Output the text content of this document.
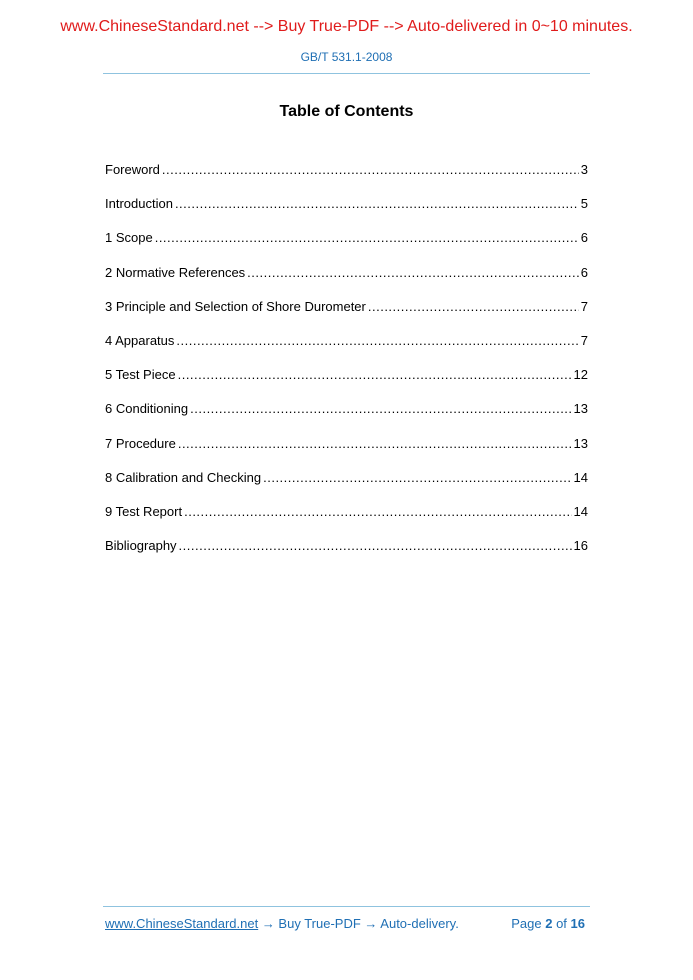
www.ChineseStandard.net --> Buy True-PDF --> Auto-delivered in 0~10 minutes.
GB/T 531.1-2008
Table of Contents
Foreword .....	3
Introduction .....	5
1 Scope .....	6
2 Normative References .....	6
3 Principle and Selection of Shore Durometer .....	7
4 Apparatus .....	7
5 Test Piece .....	12
6 Conditioning .....	13
7 Procedure .....	13
8 Calibration and Checking .....	14
9 Test Report .....	14
Bibliography .....	16
www.ChineseStandard.net → Buy True-PDF → Auto-delivery.	Page 2 of 16
